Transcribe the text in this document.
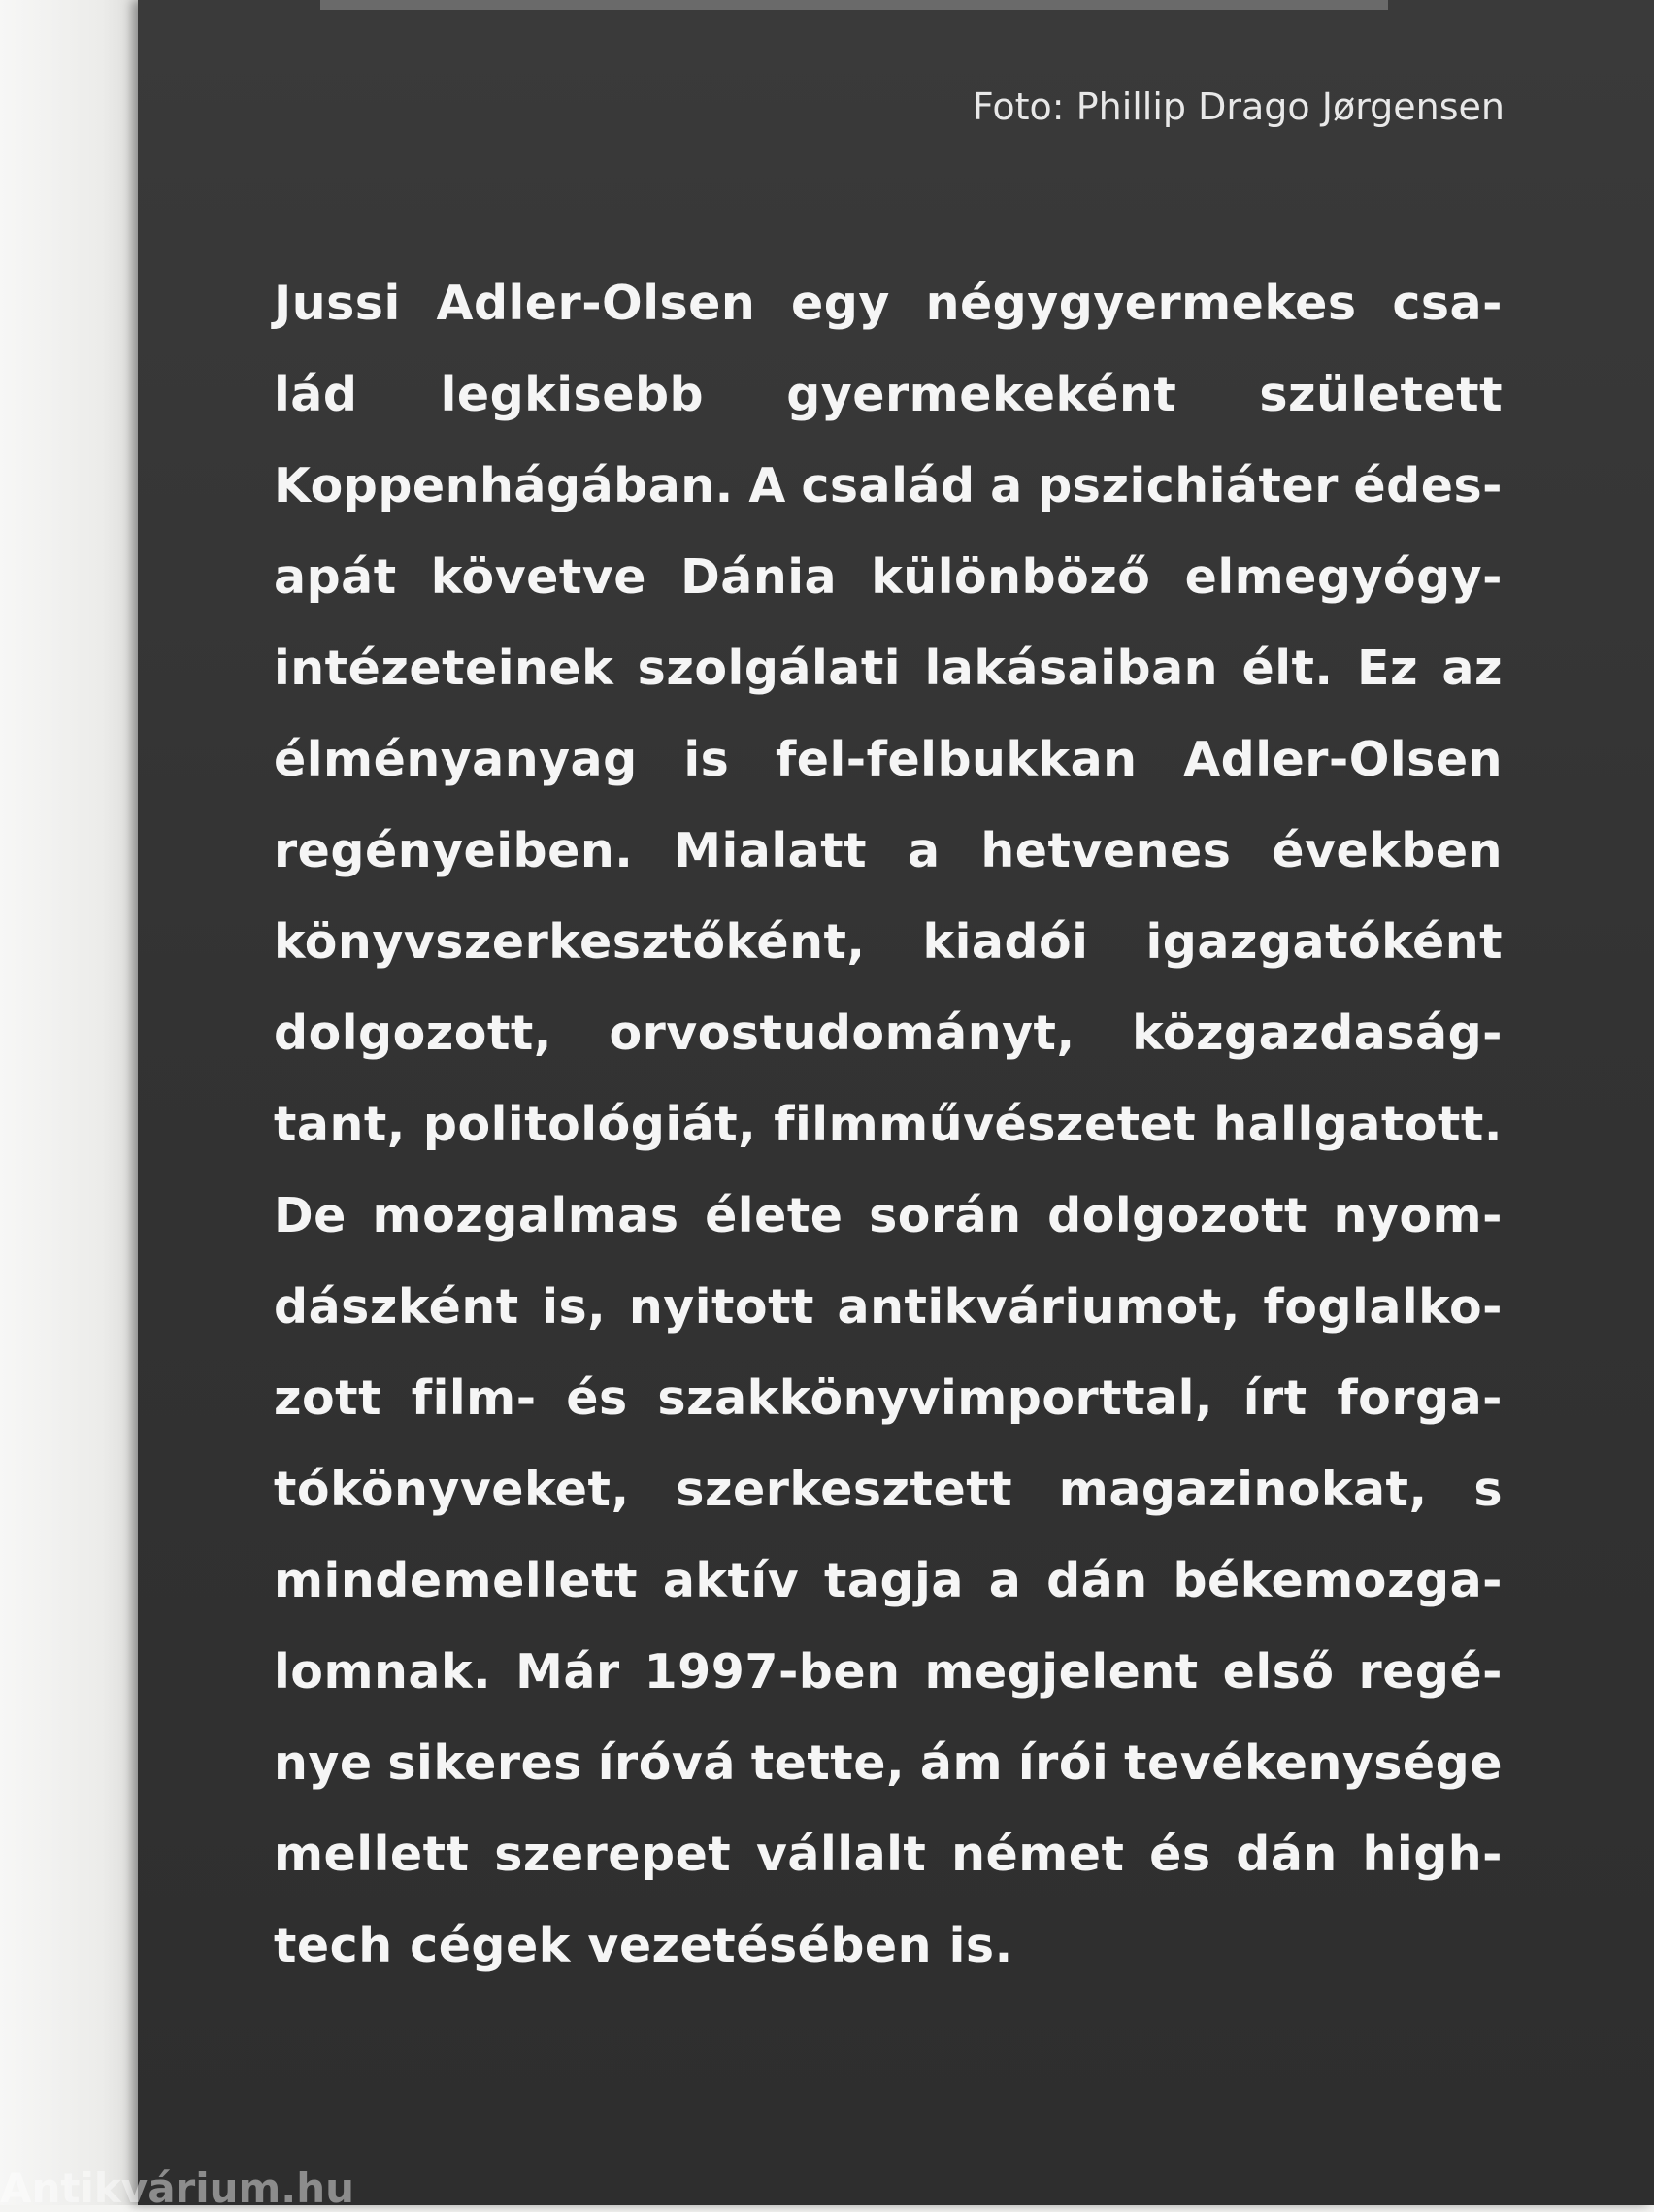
Foto: Phillip Drago Jørgensen
Jussi Adler-Olsen egy négygyermekes csa-
lád legkisebb gyermekeként született
Koppenhágában. A család a pszichiáter édes-
apát követve Dánia különböző elmegyógy-
intézeteinek szolgálati lakásaiban élt. Ez az
élményanyag is fel-felbukkan Adler-Olsen
regényeiben. Mialatt a hetvenes években
könyvszerkesztőként, kiadói igazgatóként
dolgozott, orvostudományt, közgazdaság-
tant, politológiát, filmművészetet hallgatott.
De mozgalmas élete során dolgozott nyom-
dászként is, nyitott antikváriumot, foglalko-
zott film- és szakkönyvimporttal, írt forga-
tókönyveket, szerkesztett magazinokat, s
mindemellett aktív tagja a dán békemozga-
lomnak. Már 1997-ben megjelent első regé-
nye sikeres íróvá tette, ám írói tevékenysége
mellett szerepet vállalt német és dán high-
tech cégek vezetésében is.
Antikvárium.hu
